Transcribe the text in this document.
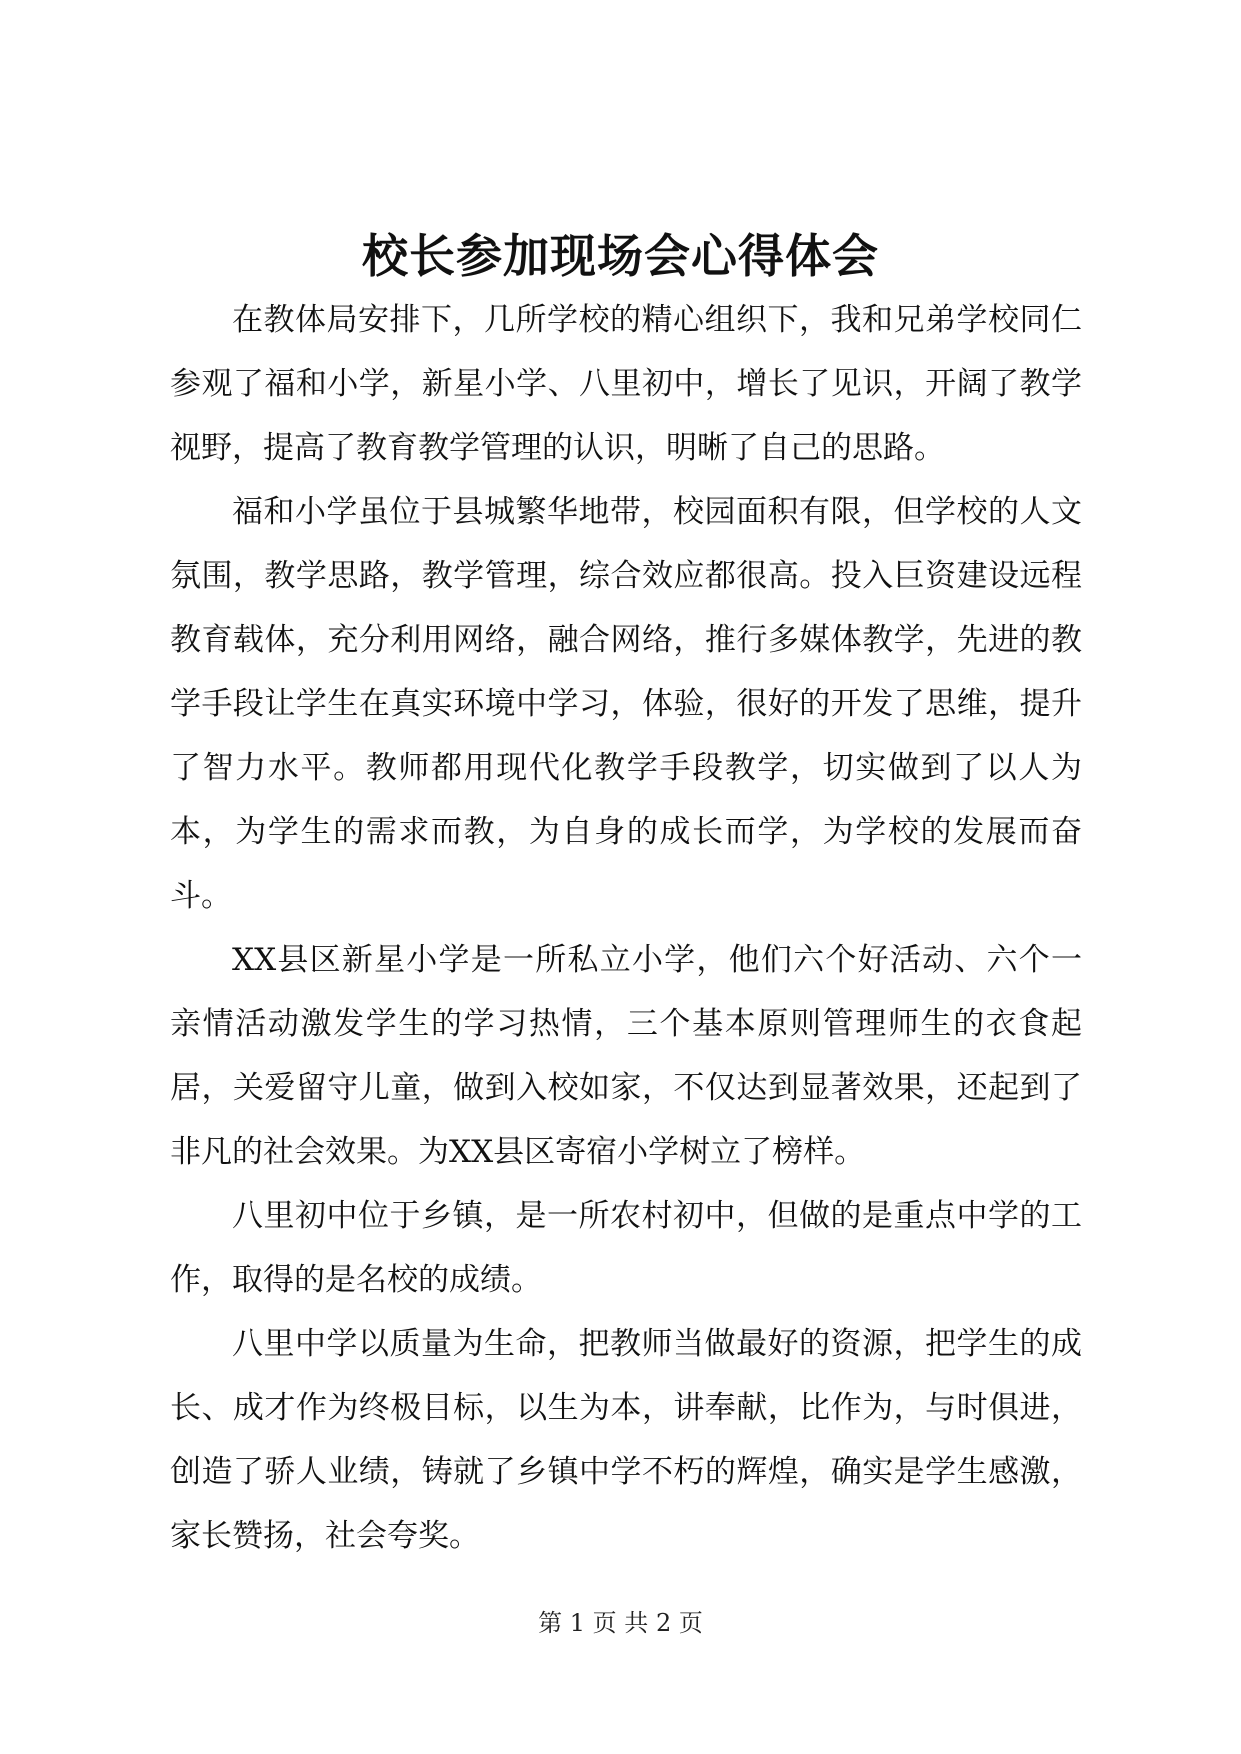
校长参加现场会心得体会

在教体局安排下，几所学校的精心组织下，我和兄弟学校同仁参观了福和小学，新星小学、八里初中，增长了见识，开阔了教学视野，提高了教育教学管理的认识，明晰了自己的思路。

福和小学虽位于县城繁华地带，校园面积有限，但学校的人文氛围，教学思路，教学管理，综合效应都很高。投入巨资建设远程教育载体，充分利用网络，融合网络，推行多媒体教学，先进的教学手段让学生在真实环境中学习，体验，很好的开发了思维，提升了智力水平。教师都用现代化教学手段教学，切实做到了以人为本，为学生的需求而教，为自身的成长而学，为学校的发展而奋斗。

XX县区新星小学是一所私立小学，他们六个好活动、六个一亲情活动激发学生的学习热情，三个基本原则管理师生的衣食起居，关爱留守儿童，做到入校如家，不仅达到显著效果，还起到了非凡的社会效果。为XX县区寄宿小学树立了榜样。

八里初中位于乡镇，是一所农村初中，但做的是重点中学的工作，取得的是名校的成绩。

八里中学以质量为生命，把教师当做最好的资源，把学生的成长、成才作为终极目标，以生为本，讲奉献，比作为，与时俱进，创造了骄人业绩，铸就了乡镇中学不朽的辉煌，确实是学生感激，家长赞扬，社会夸奖。

第 1 页 共 2 页
